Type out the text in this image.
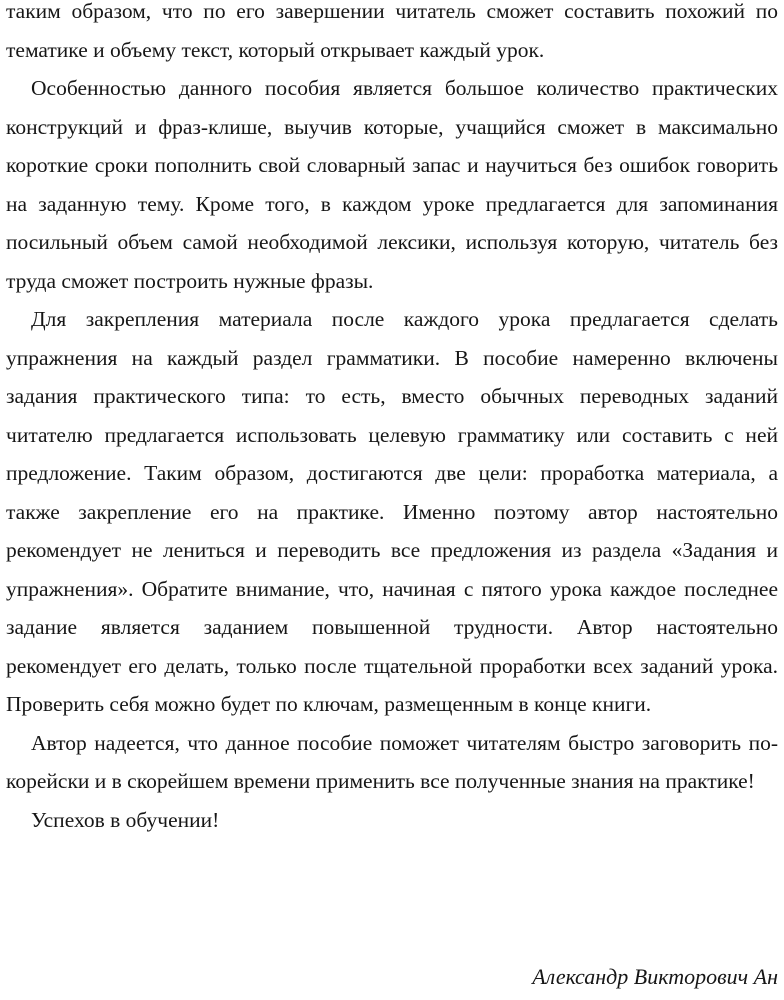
таким образом, что по его завершении читатель сможет составить похожий по тематике и объему текст, который открывает каждый урок.

Особенностью данного пособия является большое количество практических конструкций и фраз-клише, выучив которые, учащийся сможет в максимально короткие сроки пополнить свой словарный запас и научиться без ошибок говорить на заданную тему. Кроме того, в каждом уроке предлагается для запоминания посильный объем самой необходимой лексики, используя которую, читатель без труда сможет построить нужные фразы.

Для закрепления материала после каждого урока предлагается сделать упражнения на каждый раздел грамматики. В пособие намеренно включены задания практического типа: то есть, вместо обычных переводных заданий читателю предлагается использовать целевую грамматику или составить с ней предложение. Таким образом, достигаются две цели: проработка материала, а также закрепление его на практике. Именно поэтому автор настоятельно рекомендует не лениться и переводить все предложения из раздела «Задания и упражнения». Обратите внимание, что, начиная с пятого урока каждое последнее задание является заданием повышенной трудности. Автор настоятельно рекомендует его делать, только после тщательной проработки всех заданий урока. Проверить себя можно будет по ключам, размещенным в конце книги.

Автор надеется, что данное пособие поможет читателям быстро заговорить по-корейски и в скорейшем времени применить все полученные знания на практике!

Успехов в обучении!

Александр Викторович Ан
